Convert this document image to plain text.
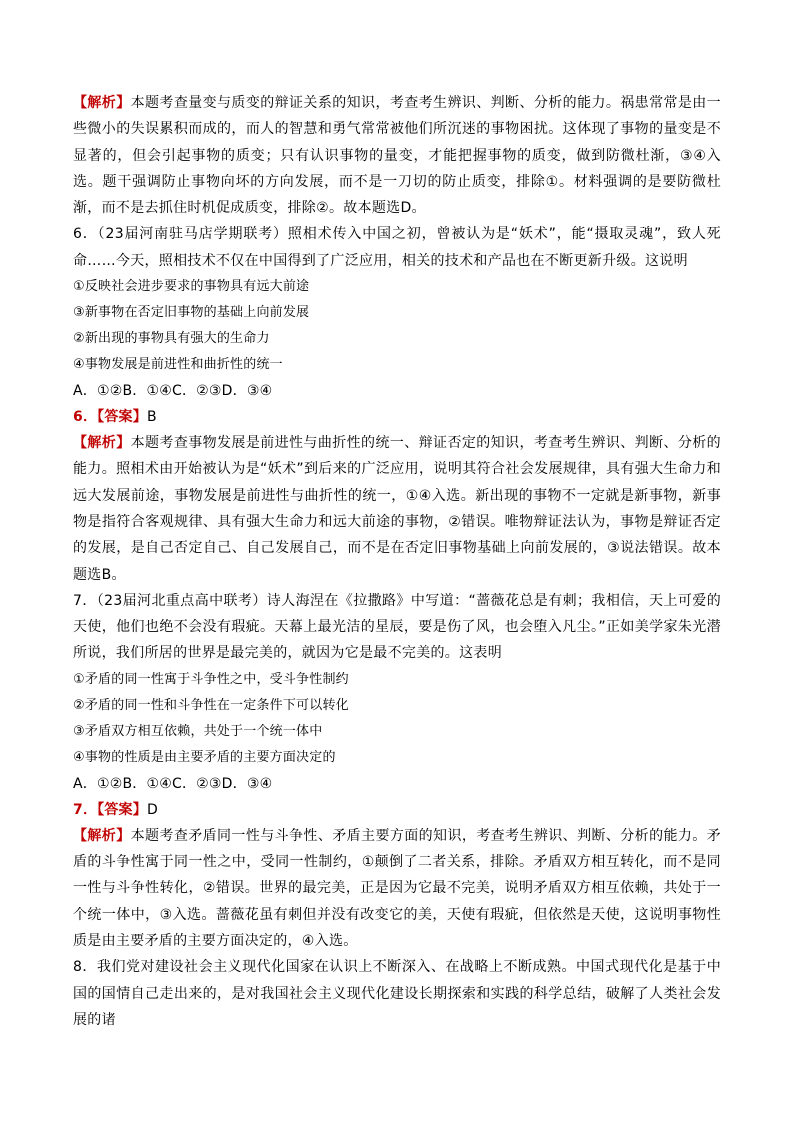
【解析】本题考查量变与质变的辩证关系的知识，考查考生辨识、判断、分析的能力。祸患常常是由一些微小的失误累积而成的，而人的智慧和勇气常常被他们所沉迷的事物困扰。这体现了事物的量变是不显著的，但会引起事物的质变；只有认识事物的量变，才能把握事物的质变，做到防微杜渐，③④入选。题干强调防止事物向坏的方向发展，而不是一刀切的防止质变，排除①。材料强调的是要防微杜渐，而不是去抓住时机促成质变，排除②。故本题选D。
6．（23届河南驻马店学期联考）照相术传入中国之初，曾被认为是“妖术”，能“摄取灵魂”，致人死命……今天，照相技术不仅在中国得到了广泛应用，相关的技术和产品也在不断更新升级。这说明
①反映社会进步要求的事物具有远大前途
③新事物在否定旧事物的基础上向前发展
②新出现的事物具有强大的生命力
④事物发展是前进性和曲折性的统一
A．①②B．①④C．②③D．③④
6．【答案】B
【解析】本题考查事物发展是前进性与曲折性的统一、辩证否定的知识，考查考生辨识、判断、分析的能力。照相术由开始被认为是“妖术”到后来的广泛应用，说明其符合社会发展规律，具有强大生命力和远大发展前途，事物发展是前进性与曲折性的统一，①④入选。新出现的事物不一定就是新事物，新事物是指符合客观规律、具有强大生命力和远大前途的事物，②错误。唯物辩证法认为，事物是辩证否定的发展，是自己否定自己、自己发展自己，而不是在否定旧事物基础上向前发展的，③说法错误。故本题选B。
7．（23届河北重点高中联考）诗人海涅在《拉撒路》中写道：“蔷薇花总是有刺；我相信，天上可爱的天使，他们也绝不会没有瑕疵。天幕上最光洁的星辰，要是伤了风，也会堕入凡尘。”正如美学家朱光潜所说，我们所居的世界是最完美的，就因为它是最不完美的。这表明
①矛盾的同一性寓于斗争性之中，受斗争性制约
②矛盾的同一性和斗争性在一定条件下可以转化
③矛盾双方相互依赖，共处于一个统一体中
④事物的性质是由主要矛盾的主要方面决定的
A．①②B．①④C．②③D．③④
7．【答案】D
【解析】本题考查矛盾同一性与斗争性、矛盾主要方面的知识，考查考生辨识、判断、分析的能力。矛盾的斗争性寓于同一性之中，受同一性制约，①颠倒了二者关系，排除。矛盾双方相互转化，而不是同一性与斗争性转化，②错误。世界的最完美，正是因为它最不完美，说明矛盾双方相互依赖，共处于一个统一体中，③入选。蔷薇花虽有刺但并没有改变它的美，天使有瑕疵，但依然是天使，这说明事物性质是由主要矛盾的主要方面决定的，④入选。
8．我们党对建设社会主义现代化国家在认识上不断深入、在战略上不断成熟。中国式现代化是基于中国的国情自己走出来的，是对我国社会主义现代化建设长期探索和实践的科学总结，破解了人类社会发展的诸
